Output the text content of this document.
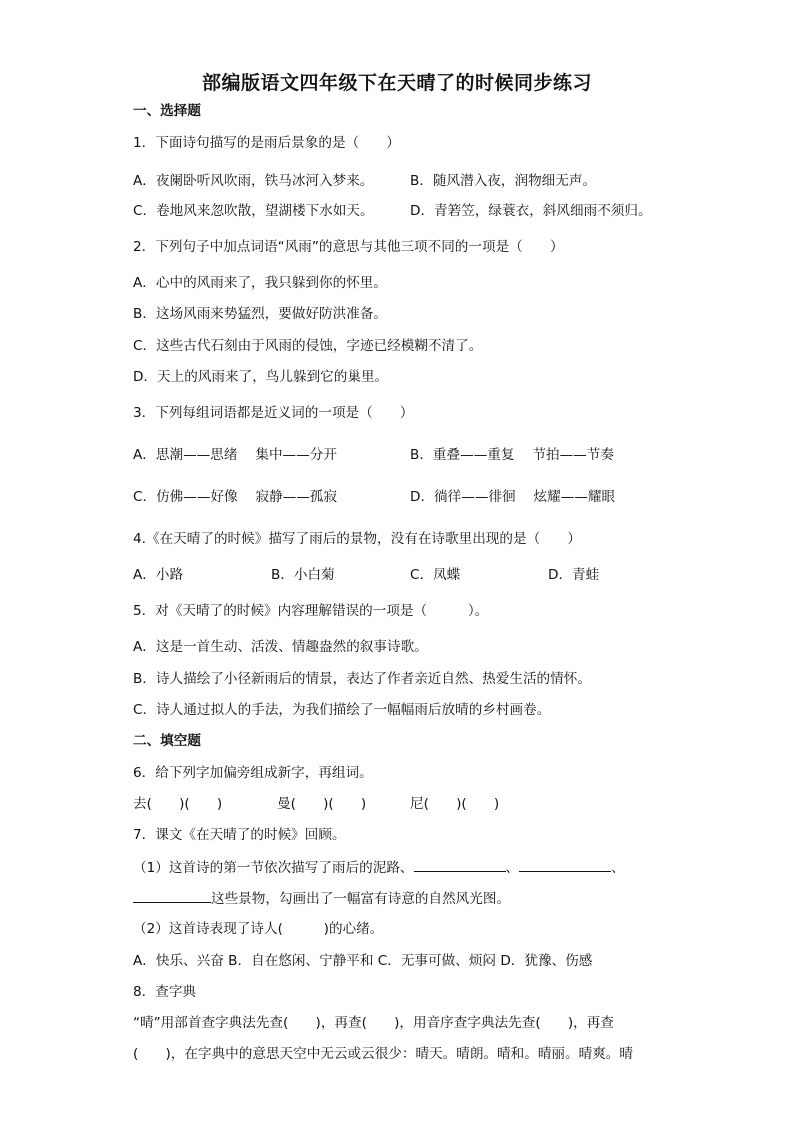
部编版语文四年级下在天晴了的时候同步练习
一、选择题
1．下面诗句描写的是雨后景象的是（　　）
A．夜阑卧听风吹雨，铁马冰河入梦来。	B．随风潜入夜，润物细无声。
C．卷地风来忽吹散，望湖楼下水如天。	D．青箬笠，绿蓑衣，斜风细雨不须归。
2．下列句子中加点词语“风雨”的意思与其他三项不同的一项是（　　）
A．心中的风雨来了，我只躲到你的怀里。
B．这场风雨来势猛烈，要做好防洪准备。
C．这些古代石刻由于风雨的侵蚀，字迹已经模糊不清了。
D．天上的风雨来了，鸟儿躲到它的巢里。
3．下列每组词语都是近义词的一项是（　　）
A．思潮——思绪　 集中——分开	B．重叠——重复　 节拍——节奏
C．仿佛——好像　 寂静——孤寂	D．徜徉——徘徊　 炫耀——耀眼
4.《在天晴了的时候》描写了雨后的景物，没有在诗歌里出现的是（　　）
A．小路	B．小白菊	C．凤蝶	D．青蛙
5．对《天晴了的时候》内容理解错误的一项是（　　　）。
A．这是一首生动、活泼、情趣盎然的叙事诗歌。
B．诗人描绘了小径新雨后的情景，表达了作者亲近自然、热爱生活的情怀。
C．诗人通过拟人的手法，为我们描绘了一幅幅雨后放晴的乡村画卷。
二、填空题
6．给下列字加偏旁组成新字，再组词。
去(　　)(　　)	曼(　　)(　　)	尼(　　)(　　)
7．课文《在天晴了的时候》回顾。
（1）这首诗的第一节依次描写了雨后的泥路、	、	、
这些景物，勾画出了一幅富有诗意的自然风光图。
（2）这首诗表现了诗人(　　　)的心绪。
A．快乐、兴奋 B．自在悠闲、宁静平和 C．无事可做、烦闷 D．犹豫、伤感
8．查字典
“晴”用部首查字典法先查(　　)，再查(　　)，用音序查字典法先查(　　)，再查
(　　)，在字典中的意思天空中无云或云很少：晴天。晴朗。晴和。晴丽。晴爽。晴
